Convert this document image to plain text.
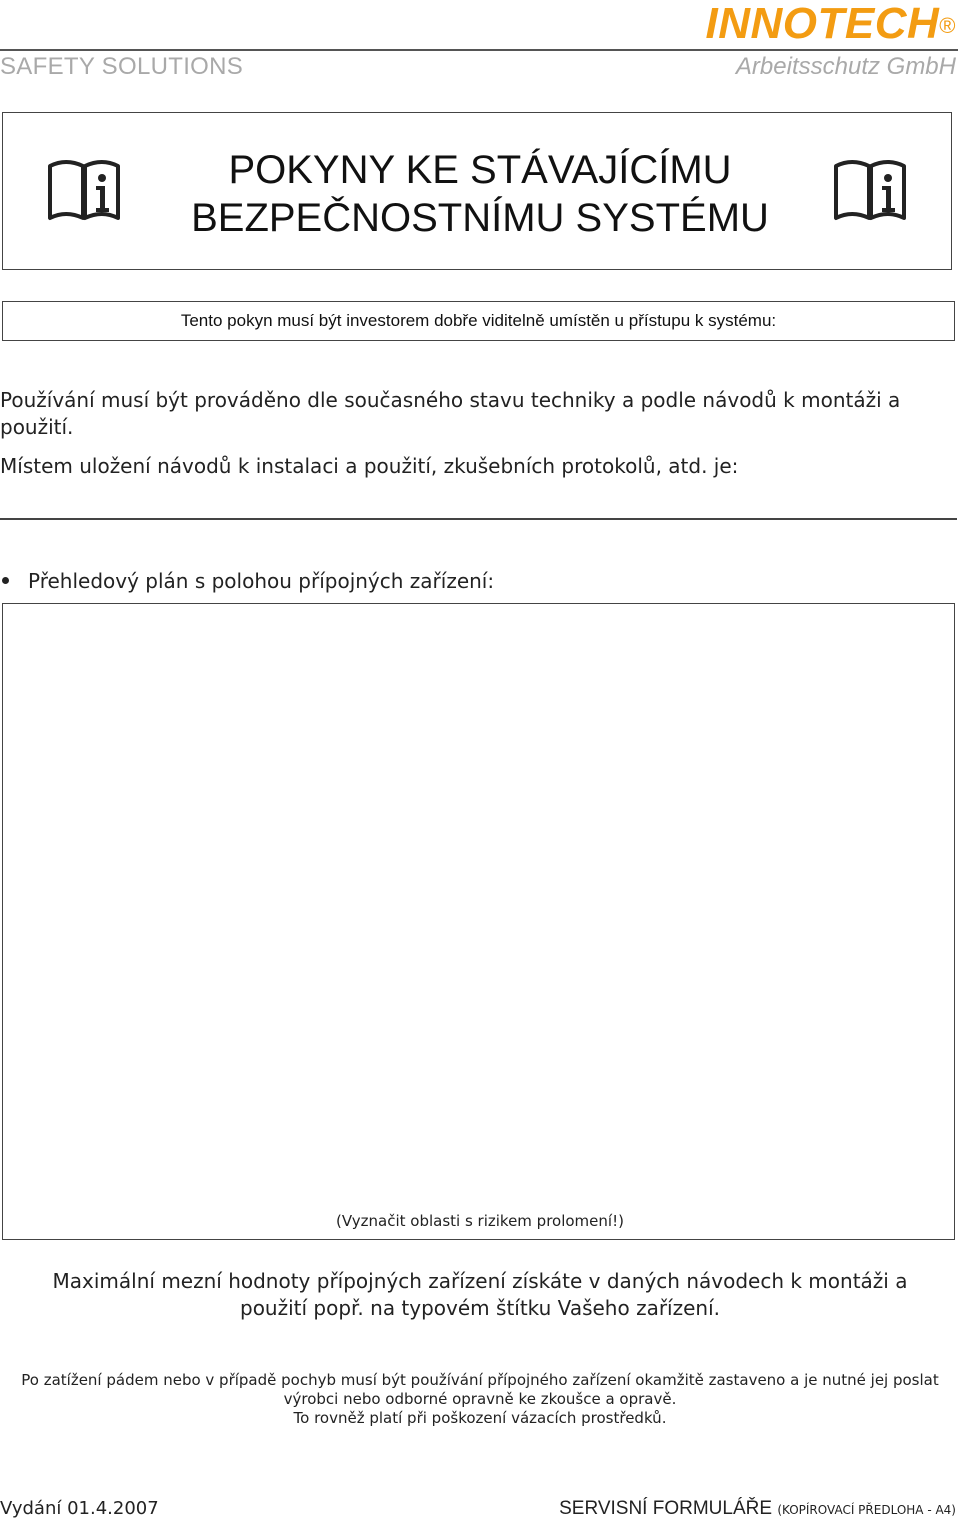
INNOTECH®
SAFETY SOLUTIONS	Arbeitsschutz GmbH
POKYNY KE STÁVAJÍCÍMU
BEZPEČNOSTNÍMU SYSTÉMU
Tento pokyn musí být investorem dobře viditelně umístěn u přístupu k systému:
Používání musí být prováděno dle současného stavu techniky a podle návodů k montáži a použití.
Místem uložení návodů k instalaci a použití, zkušebních protokolů, atd. je:
Přehledový plán s polohou přípojných zařízení:
(Vyznačit oblasti s rizikem prolomení!)
Maximální mezní hodnoty přípojných zařízení získáte v daných návodech k montáži a použití popř. na typovém štítku Vašeho zařízení.
Po zatížení pádem nebo v případě pochyb musí být používání přípojného zařízení okamžitě zastaveno a je nutné jej poslat výrobci nebo odborné opravně ke zkoušce a opravě.
To rovněž platí při poškození vázacích prostředků.
Vydání 01.4.2007	SERVISNÍ FORMULÁŘE (KOPÍROVACÍ PŘEDLOHA - A4)
